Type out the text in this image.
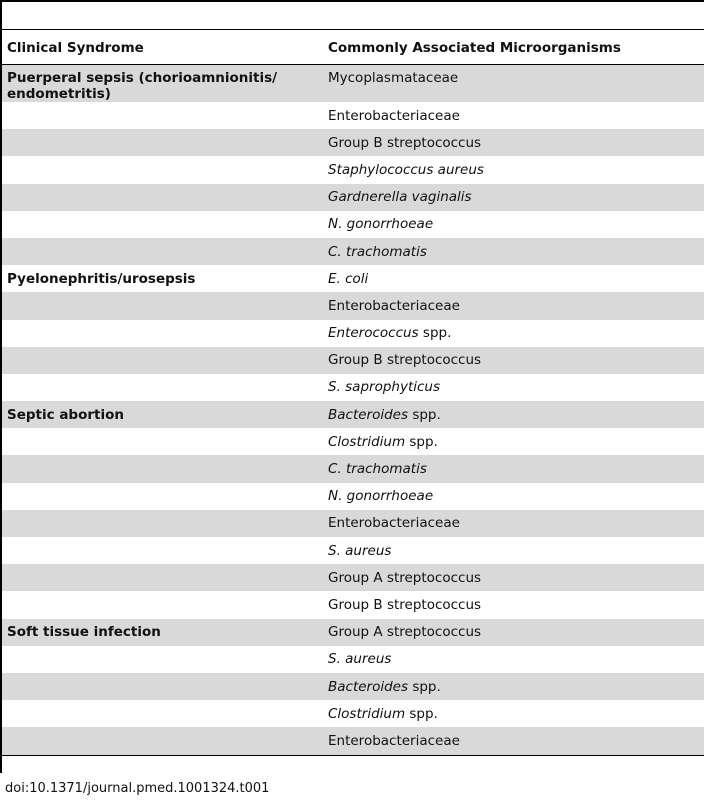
Clinical Syndrome	Commonly Associated Microorganisms
Puerperal sepsis (chorioamnionitis/ endometritis)	Mycoplasmataceae
	Enterobacteriaceae
	Group B streptococcus
	Staphylococcus aureus
	Gardnerella vaginalis
	N. gonorrhoeae
	C. trachomatis
Pyelonephritis/urosepsis	E. coli
	Enterobacteriaceae
	Enterococcus spp.
	Group B streptococcus
	S. saprophyticus
Septic abortion	Bacteroides spp.
	Clostridium spp.
	C. trachomatis
	N. gonorrhoeae
	Enterobacteriaceae
	S. aureus
	Group A streptococcus
	Group B streptococcus
Soft tissue infection	Group A streptococcus
	S. aureus
	Bacteroides spp.
	Clostridium spp.
	Enterobacteriaceae
doi:10.1371/journal.pmed.1001324.t001
